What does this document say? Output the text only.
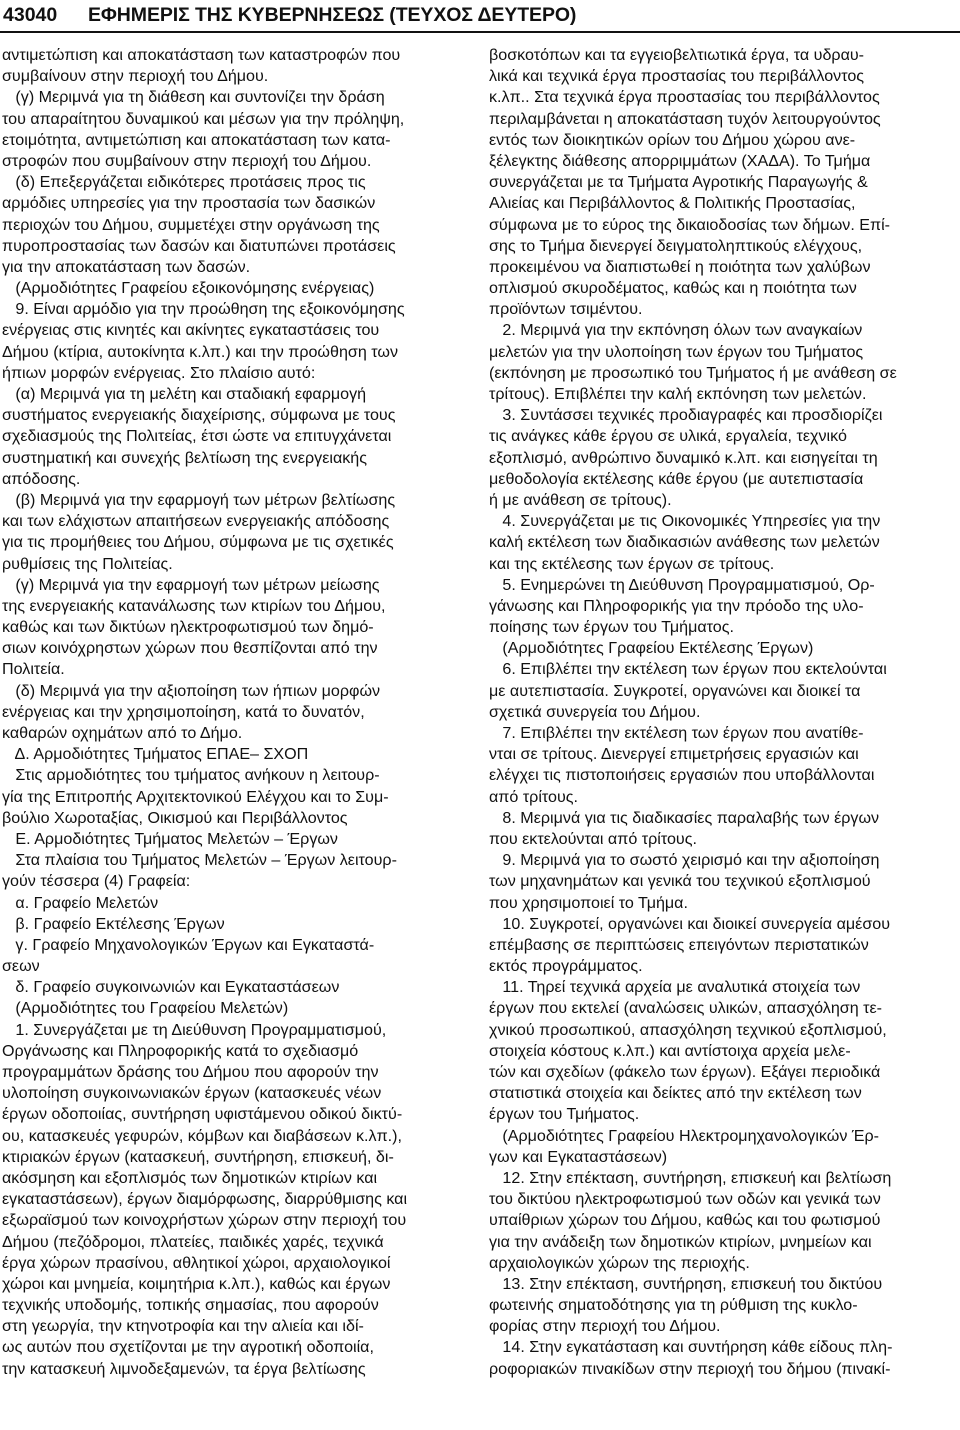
43040 ΕΦΗΜΕΡΙΣ ΤΗΣ ΚΥΒΕΡΝΗΣΕΩΣ (ΤΕΥΧΟΣ ΔΕΥΤΕΡΟ)
αντιμετώπιση και αποκατάσταση των καταστροφών που
συμβαίνουν στην περιοχή του Δήμου.
(γ) Μεριμνά για τη διάθεση και συντονίζει την δράση
του απαραίτητου δυναμικού και μέσων για την πρόληψη,
ετοιμότητα, αντιμετώπιση και αποκατάσταση των κατα-
στροφών που συμβαίνουν στην περιοχή του Δήμου.
(δ) Επεξεργάζεται ειδικότερες προτάσεις προς τις
αρμόδιες υπηρεσίες για την προστασία των δασικών
περιοχών του Δήμου, συμμετέχει στην οργάνωση της
πυροπροστασίας των δασών και διατυπώνει προτάσεις
για την αποκατάσταση των δασών.
(Αρμοδιότητες Γραφείου εξοικονόμησης ενέργειας)
9. Είναι αρμόδιο για την προώθηση της εξοικονόμησης
ενέργειας στις κινητές και ακίνητες εγκαταστάσεις του
Δήμου (κτίρια, αυτοκίνητα κ.λπ.) και την προώθηση των
ήπιων μορφών ενέργειας. Στο πλαίσιο αυτό:
(α) Μεριμνά για τη μελέτη και σταδιακή εφαρμογή
συστήματος ενεργειακής διαχείρισης, σύμφωνα με τους
σχεδιασμούς της Πολιτείας, έτσι ώστε να επιτυγχάνεται
συστηματική και συνεχής βελτίωση της ενεργειακής
απόδοσης.
(β) Μεριμνά για την εφαρμογή των μέτρων βελτίωσης
και των ελάχιστων απαιτήσεων ενεργειακής απόδοσης
για τις προμήθειες του Δήμου, σύμφωνα με τις σχετικές
ρυθμίσεις της Πολιτείας.
(γ) Μεριμνά για την εφαρμογή των μέτρων μείωσης
της ενεργειακής κατανάλωσης των κτιρίων του Δήμου,
καθώς και των δικτύων ηλεκτροφωτισμού των δημό-
σιων κοινόχρηστων χώρων που θεσπίζονται από την
Πολιτεία.
(δ) Μεριμνά για την αξιοποίηση των ήπιων μορφών
ενέργειας και την χρησιμοποίηση, κατά το δυνατόν,
καθαρών οχημάτων από το Δήμο.
Δ. Αρμοδιότητες Τμήματος ΕΠΑΕ– ΣΧΟΠ
Στις αρμοδιότητες του τμήματος ανήκουν η λειτουρ-
γία της Επιτροπής Αρχιτεκτονικού Ελέγχου και το Συμ-
βούλιο Χωροταξίας, Οικισμού και Περιβάλλοντος
Ε. Αρμοδιότητες Τμήματος Μελετών – Έργων
Στα πλαίσια του Τμήματος Μελετών – Έργων λειτουρ-
γούν τέσσερα (4) Γραφεία:
α. Γραφείο Μελετών
β. Γραφείο Εκτέλεσης Έργων
γ. Γραφείο Μηχανολογικών Έργων και Εγκαταστά-
σεων
δ. Γραφείο συγκοινωνιών και Εγκαταστάσεων
(Αρμοδιότητες του Γραφείου Μελετών)
1. Συνεργάζεται με τη Διεύθυνση Προγραμματισμού,
Οργάνωσης και Πληροφορικής κατά το σχεδιασμό
προγραμμάτων δράσης του Δήμου που αφορούν την
υλοποίηση συγκοινωνιακών έργων (κατασκευές νέων
έργων οδοποιίας, συντήρηση υφιστάμενου οδικού δικτύ-
ου, κατασκευές γεφυρών, κόμβων και διαβάσεων κ.λπ.),
κτιριακών έργων (κατασκευή, συντήρηση, επισκευή, δι-
ακόσμηση και εξοπλισμός των δημοτικών κτιρίων και
εγκαταστάσεων), έργων διαμόρφωσης, διαρρύθμισης και
εξωραϊσμού των κοινοχρήστων χώρων στην περιοχή του
Δήμου (πεζόδρομοι, πλατείες, παιδικές χαρές, τεχνικά
έργα χώρων πρασίνου, αθλητικοί χώροι, αρχαιολογικοί
χώροι και μνημεία, κοιμητήρια κ.λπ.), καθώς και έργων
τεχνικής υποδομής, τοπικής σημασίας, που αφορούν
στη γεωργία, την κτηνοτροφία και την αλιεία και ιδί-
ως αυτών που σχετίζονται με την αγροτική οδοποιία,
την κατασκευή λιμνοδεξαμενών, τα έργα βελτίωσης
βοσκοτόπων και τα εγγειοβελτιωτικά έργα, τα υδραυ-
λικά και τεχνικά έργα προστασίας του περιβάλλοντος
κ.λπ.. Στα τεχνικά έργα προστασίας του περιβάλλοντος
περιλαμβάνεται η αποκατάσταση τυχόν λειτουργούντος
εντός των διοικητικών ορίων του Δήμου χώρου ανε-
ξέλεγκτης διάθεσης απορριμμάτων (ΧΑΔΑ). Το Τμήμα
συνεργάζεται με τα Τμήματα Αγροτικής Παραγωγής &
Αλιείας και Περιβάλλοντος & Πολιτικής Προστασίας,
σύμφωνα με το εύρος της δικαιοδοσίας των δήμων. Επί-
σης το Τμήμα διενεργεί δειγματοληπτικούς ελέγχους,
προκειμένου να διαπιστωθεί η ποιότητα των χαλύβων
οπλισμού σκυροδέματος, καθώς και η ποιότητα των
προϊόντων τσιμέντου.
2. Μεριμνά για την εκπόνηση όλων των αναγκαίων
μελετών για την υλοποίηση των έργων του Τμήματος
(εκπόνηση με προσωπικό του Τμήματος ή με ανάθεση σε
τρίτους). Επιβλέπει την καλή εκπόνηση των μελετών.
3. Συντάσσει τεχνικές προδιαγραφές και προσδιορίζει
τις ανάγκες κάθε έργου σε υλικά, εργαλεία, τεχνικό
εξοπλισμό, ανθρώπινο δυναμικό κ.λπ. και εισηγείται τη
μεθοδολογία εκτέλεσης κάθε έργου (με αυτεπιστασία
ή με ανάθεση σε τρίτους).
4. Συνεργάζεται με τις Οικονομικές Υπηρεσίες για την
καλή εκτέλεση των διαδικασιών ανάθεσης των μελετών
και της εκτέλεσης των έργων σε τρίτους.
5. Ενημερώνει τη Διεύθυνση Προγραμματισμού, Ορ-
γάνωσης και Πληροφορικής για την πρόοδο της υλο-
ποίησης των έργων του Τμήματος.
(Αρμοδιότητες Γραφείου Εκτέλεσης Έργων)
6. Επιβλέπει την εκτέλεση των έργων που εκτελούνται
με αυτεπιστασία. Συγκροτεί, οργανώνει και διοικεί τα
σχετικά συνεργεία του Δήμου.
7. Επιβλέπει την εκτέλεση των έργων που ανατίθε-
νται σε τρίτους. Διενεργεί επιμετρήσεις εργασιών και
ελέγχει τις πιστοποιήσεις εργασιών που υποβάλλονται
από τρίτους.
8. Μεριμνά για τις διαδικασίες παραλαβής των έργων
που εκτελούνται από τρίτους.
9. Μεριμνά για το σωστό χειρισμό και την αξιοποίηση
των μηχανημάτων και γενικά του τεχνικού εξοπλισμού
που χρησιμοποιεί το Τμήμα.
10. Συγκροτεί, οργανώνει και διοικεί συνεργεία αμέσου
επέμβασης σε περιπτώσεις επειγόντων περιστατικών
εκτός προγράμματος.
11. Τηρεί τεχνικά αρχεία με αναλυτικά στοιχεία των
έργων που εκτελεί (αναλώσεις υλικών, απασχόληση τε-
χνικού προσωπικού, απασχόληση τεχνικού εξοπλισμού,
στοιχεία κόστους κ.λπ.) και αντίστοιχα αρχεία μελε-
τών και σχεδίων (φάκελο των έργων). Εξάγει περιοδικά
στατιστικά στοιχεία και δείκτες από την εκτέλεση των
έργων του Τμήματος.
(Αρμοδιότητες Γραφείου Ηλεκτρομηχανολογικών Έρ-
γων και Εγκαταστάσεων)
12. Στην επέκταση, συντήρηση, επισκευή και βελτίωση
του δικτύου ηλεκτροφωτισμού των οδών και γενικά των
υπαίθριων χώρων του Δήμου, καθώς και του φωτισμού
για την ανάδειξη των δημοτικών κτιρίων, μνημείων και
αρχαιολογικών χώρων της περιοχής.
13. Στην επέκταση, συντήρηση, επισκευή του δικτύου
φωτεινής σηματοδότησης για τη ρύθμιση της κυκλο-
φορίας στην περιοχή του Δήμου.
14. Στην εγκατάσταση και συντήρηση κάθε είδους πλη-
ροφοριακών πινακίδων στην περιοχή του δήμου (πινακί-
